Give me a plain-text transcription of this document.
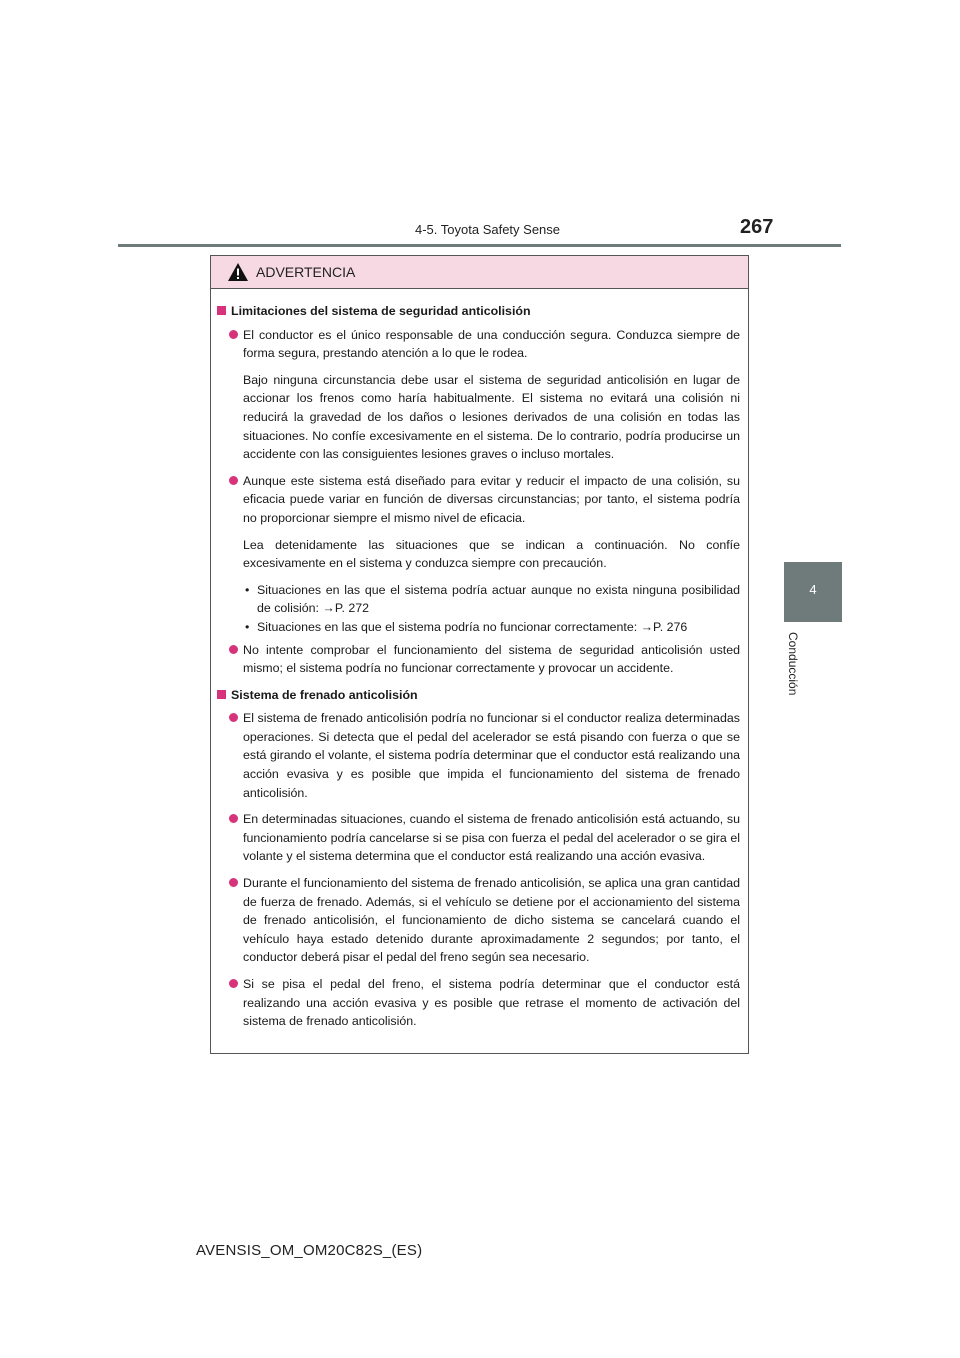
4-5. Toyota Safety Sense	267
4
Conducción
ADVERTENCIA
Limitaciones del sistema de seguridad anticolisión
El conductor es el único responsable de una conducción segura. Conduzca siempre de forma segura, prestando atención a lo que le rodea.
Bajo ninguna circunstancia debe usar el sistema de seguridad anticolisión en lugar de accionar los frenos como haría habitualmente. El sistema no evitará una colisión ni reducirá la gravedad de los daños o lesiones derivados de una colisión en todas las situaciones. No confíe excesivamente en el sistema. De lo contrario, podría producirse un accidente con las consiguientes lesiones graves o incluso mortales.
Aunque este sistema está diseñado para evitar y reducir el impacto de una colisión, su eficacia puede variar en función de diversas circunstancias; por tanto, el sistema podría no proporcionar siempre el mismo nivel de eficacia.
Lea detenidamente las situaciones que se indican a continuación. No confíe excesivamente en el sistema y conduzca siempre con precaución.
• Situaciones en las que el sistema podría actuar aunque no exista ninguna posibilidad de colisión: →P. 272
• Situaciones en las que el sistema podría no funcionar correctamente: →P. 276
No intente comprobar el funcionamiento del sistema de seguridad anticolisión usted mismo; el sistema podría no funcionar correctamente y provocar un accidente.
Sistema de frenado anticolisión
El sistema de frenado anticolisión podría no funcionar si el conductor realiza determinadas operaciones. Si detecta que el pedal del acelerador se está pisando con fuerza o que se está girando el volante, el sistema podría determinar que el conductor está realizando una acción evasiva y es posible que impida el funcionamiento del sistema de frenado anticolisión.
En determinadas situaciones, cuando el sistema de frenado anticolisión está actuando, su funcionamiento podría cancelarse si se pisa con fuerza el pedal del acelerador o se gira el volante y el sistema determina que el conductor está realizando una acción evasiva.
Durante el funcionamiento del sistema de frenado anticolisión, se aplica una gran cantidad de fuerza de frenado. Además, si el vehículo se detiene por el accionamiento del sistema de frenado anticolisión, el funcionamiento de dicho sistema se cancelará cuando el vehículo haya estado detenido durante aproximadamente 2 segundos; por tanto, el conductor deberá pisar el pedal del freno según sea necesario.
Si se pisa el pedal del freno, el sistema podría determinar que el conductor está realizando una acción evasiva y es posible que retrase el momento de activación del sistema de frenado anticolisión.
AVENSIS_OM_OM20C82S_(ES)
